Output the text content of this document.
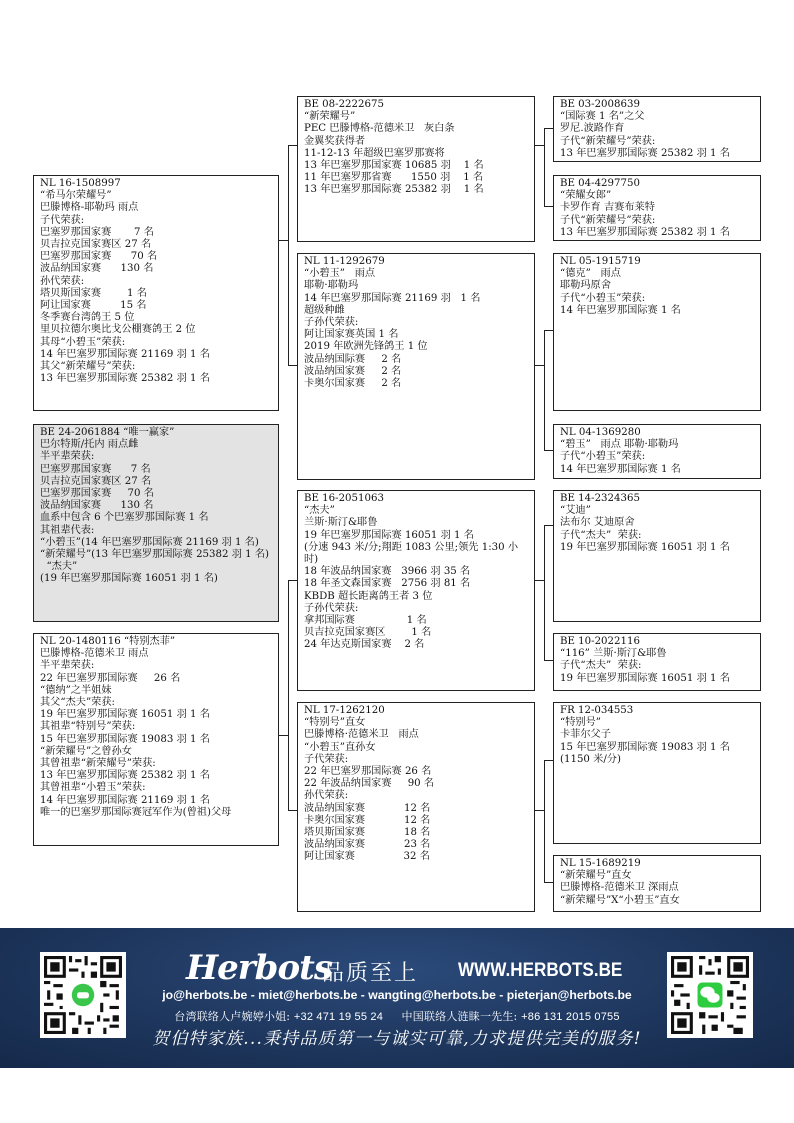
NL 16-1508997
“希马尔荣耀号”
巴滕博格-耶勒玛 雨点
子代荣获:
巴塞罗那国家赛       7 名
贝吉拉克国家赛区 27 名
巴塞罗那国家赛      70 名
波品纳国家赛      130 名
孙代荣获:
塔贝斯国家赛        1 名
阿让国家赛         15 名
冬季赛台湾鸽王 5 位
里贝拉德尔奥比戈公棚赛鸽王 2 位
其母“小碧玉”荣获:
14 年巴塞罗那国际赛 21169 羽 1 名
其父“新荣耀号”荣获:
13 年巴塞罗那国际赛 25382 羽 1 名
BE 24-2061884 “唯一赢家”
巴尔特斯/托内 雨点雌
半平辈荣获:
巴塞罗那国家赛      7 名
贝吉拉克国家赛区 27 名
巴塞罗那国家赛     70 名
波品纳国家赛      130 名
血系中包含 6 个巴塞罗那国际赛 1 名
其祖辈代表:
“小碧玉”(14 年巴塞罗那国际赛 21169 羽 1 名)
“新荣耀号”(13 年巴塞罗那国际赛 25382 羽 1 名)
“杰夫”
(19 年巴塞罗那国际赛 16051 羽 1 名)
NL 20-1480116 “特别杰菲”
巴滕博格-范德米卫 雨点
半平辈荣获:
22 年巴塞罗那国际赛     26 名
“德纳”之半姐妹
其父“杰夫”荣获:
19 年巴塞罗那国际赛 16051 羽 1 名
其祖辈“特别号”荣获:
15 年巴塞罗那国际赛 19083 羽 1 名
“新荣耀号”之曾孙女
其曾祖辈“新荣耀号”荣获:
13 年巴塞罗那国际赛 25382 羽 1 名
其曾祖辈“小碧玉”荣获:
14 年巴塞罗那国际赛 21169 羽 1 名
唯一的巴塞罗那国际赛冠军作为(曾祖)父母
BE 08-2222675
“新荣耀号”
PEC 巴滕博格-范德米卫   灰白条
金翼奖获得者
11-12-13 年超级巴塞罗那赛将
13 年巴塞罗那国家赛 10685 羽    1 名
11 年巴塞罗那省赛      1550 羽    1 名
13 年巴塞罗那国际赛 25382 羽    1 名
NL 11-1292679
“小碧玉”   雨点
耶勒·耶勒玛
14 年巴塞罗那国际赛 21169 羽   1 名
超级种雌
子孙代荣获:
阿让国家赛英国 1 名
2019 年欧洲先锋鸽王 1 位
波品纳国际赛     2 名
波品纳国家赛     2 名
卡奥尔国家赛     2 名
BE 16-2051063
“杰夫”
兰斯·斯汀&耶鲁
19 年巴塞罗那国际赛 16051 羽 1 名
(分速 943 米/分;翔距 1083 公里;领先 1:30 小时)
18 年波品纳国家赛   3966 羽 35 名
18 年圣文森国家赛   2756 羽 81 名
KBDB 超长距离鸽王者 3 位
子孙代荣获:
拿邦国际赛                1 名
贝吉拉克国家赛区        1 名
24 年达克斯国家赛    2 名
NL 17-1262120
“特别号”直女
巴滕博格·范德米卫   雨点
“小碧玉”直孙女
子代荣获:
22 年巴塞罗那国际赛 26 名
22 年波品纳国家赛     90 名
孙代荣获:
波品纳国家赛            12 名
卡奥尔国家赛            12 名
塔贝斯国家赛            18 名
波品纳国家赛            23 名
阿让国家赛               32 名
BE 03-2008639
“国际赛 1 名”之父
罗尼.波路作育
子代“新荣耀号”荣获:
13 年巴塞罗那国际赛 25382 羽 1 名
BE 04-4297750
“荣耀女郎”
卡罗作育 吉赛布莱特
子代“新荣耀号”荣获:
13 年巴塞罗那国际赛 25382 羽 1 名
NL 05-1915719
“德克”   雨点
耶勒玛原舍
子代“小碧玉”荣获:
14 年巴塞罗那国际赛 1 名
NL 04-1369280
“碧玉”   雨点 耶勒·耶勒玛
子代“小碧玉”荣获:
14 年巴塞罗那国际赛 1 名
BE 14-2324365
“艾迪”
法布尔 艾迪原舍
子代“杰夫”  荣获:
19 年巴塞罗那国际赛 16051 羽 1 名
BE 10-2022116
“116” 兰斯·斯汀&耶鲁
子代“杰夫”  荣获:
19 年巴塞罗那国际赛 16051 羽 1 名
FR 12-034553
“特别号”
卡菲尔父子
15 年巴塞罗那国际赛 19083 羽 1 名
(1150 米/分)
NL 15-1689219
“新荣耀号”直女
巴滕博格-范德米卫 深雨点
“新荣耀号”X“小碧玉”直女
Herbots
品质至上 WWW.HERBOTS.BE
jo@herbots.be - miet@herbots.be - wangting@herbots.be - pieterjan@herbots.be
台湾联络人卢婉婷小姐: +32 471 19 55 24 中国联络人涟睐一先生: +86 131 2015 0755
贺伯特家族...秉持品质第一与诚实可靠,力求提供完美的服务!
